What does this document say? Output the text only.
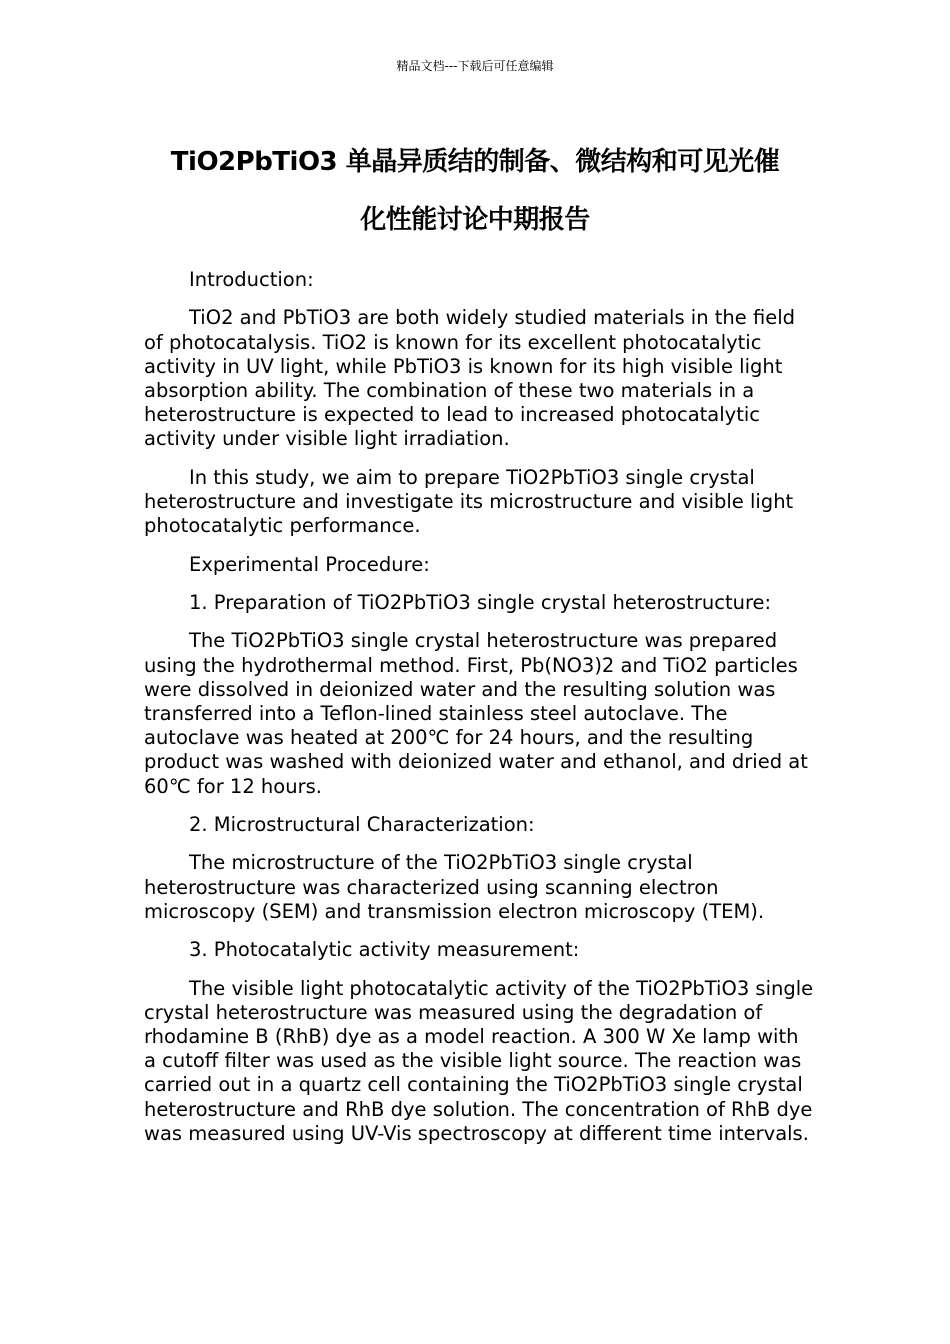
精品文档---下载后可任意编辑
TiO2PbTiO3 单晶异质结的制备、微结构和可见光催
化性能讨论中期报告

Introduction:

TiO2 and PbTiO3 are both widely studied materials in the field of photocatalysis. TiO2 is known for its excellent photocatalytic activity in UV light, while PbTiO3 is known for its high visible light absorption ability. The combination of these two materials in a heterostructure is expected to lead to increased photocatalytic activity under visible light irradiation.

In this study, we aim to prepare TiO2PbTiO3 single crystal heterostructure and investigate its microstructure and visible light photocatalytic performance.

Experimental Procedure:

1. Preparation of TiO2PbTiO3 single crystal heterostructure:

The TiO2PbTiO3 single crystal heterostructure was prepared using the hydrothermal method. First, Pb(NO3)2 and TiO2 particles were dissolved in deionized water and the resulting solution was transferred into a Teflon-lined stainless steel autoclave. The autoclave was heated at 200℃ for 24 hours, and the resulting product was washed with deionized water and ethanol, and dried at 60℃ for 12 hours.

2. Microstructural Characterization:

The microstructure of the TiO2PbTiO3 single crystal heterostructure was characterized using scanning electron microscopy (SEM) and transmission electron microscopy (TEM).

3. Photocatalytic activity measurement:

The visible light photocatalytic activity of the TiO2PbTiO3 single crystal heterostructure was measured using the degradation of rhodamine B (RhB) dye as a model reaction. A 300 W Xe lamp with a cutoff filter was used as the visible light source. The reaction was carried out in a quartz cell containing the TiO2PbTiO3 single crystal heterostructure and RhB dye solution. The concentration of RhB dye was measured using UV-Vis spectroscopy at different time intervals.
